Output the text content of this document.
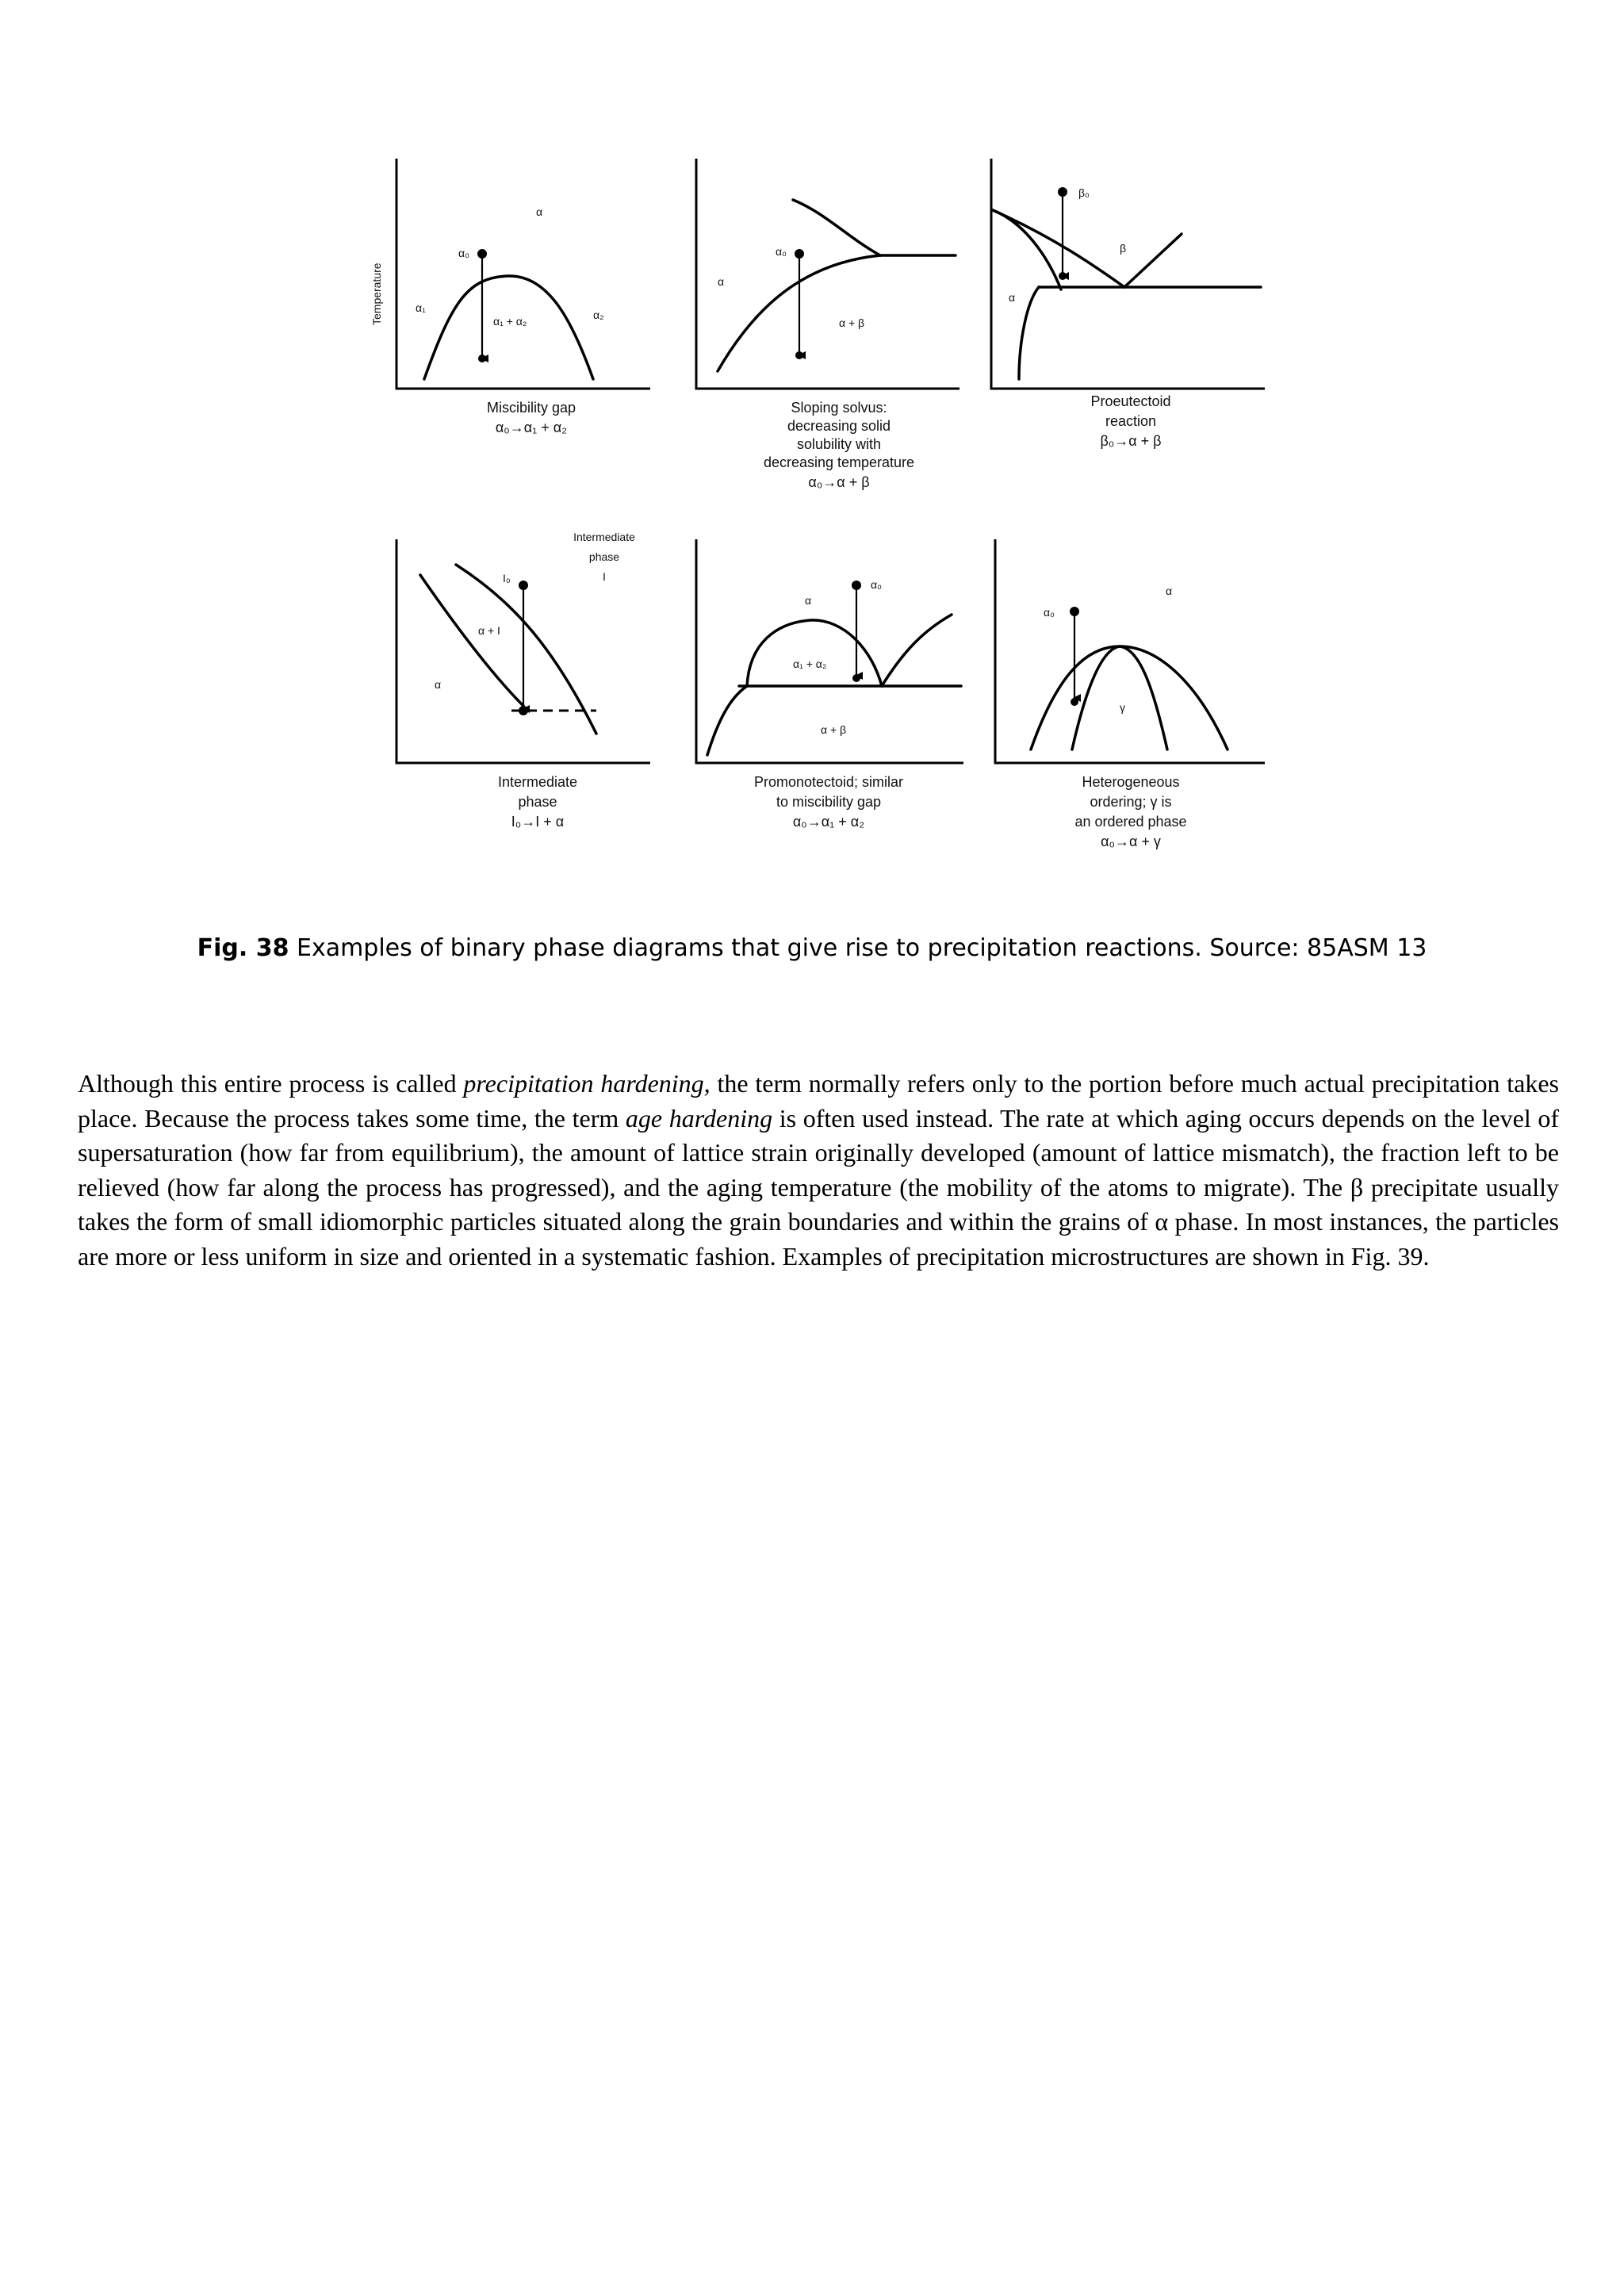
Temperature
α
α₀
α₁
α₁ + α₂	α₂
Miscibility gap
α₀→α₁ + α₂
α₀
α
α + β
Sloping solvus:
decreasing solid
solubility with
decreasing temperature
α₀→α + β
β₀
β
α
Proeutectoid
reaction
β₀→α + β
Intermediate
phase
I
I₀
α + I
α
Intermediate
phase
I₀→I + α
α₀
α
α₁ + α₂
α + β
Promonotectoid; similar
to miscibility gap
α₀→α₁ + α₂
α
α₀
γ
Heterogeneous
ordering; γ is
an ordered phase
α₀→α + γ
Fig. 38 Examples of binary phase diagrams that give rise to precipitation reactions. Source: 85ASM 13

Although this entire process is called precipitation hardening, the term normally refers only to the portion before much actual precipitation takes place. Because the process takes some time, the term age hardening is often used instead. The rate at which aging occurs depends on the level of supersaturation (how far from equilibrium), the amount of lattice strain originally developed (amount of lattice mismatch), the fraction left to be relieved (how far along the process has progressed), and the aging temperature (the mobility of the atoms to migrate). The β precipitate usually takes the form of small idiomorphic particles situated along the grain boundaries and within the grains of α phase. In most instances, the particles are more or less uniform in size and oriented in a systematic fashion. Examples of precipitation microstructures are shown in Fig. 39.
